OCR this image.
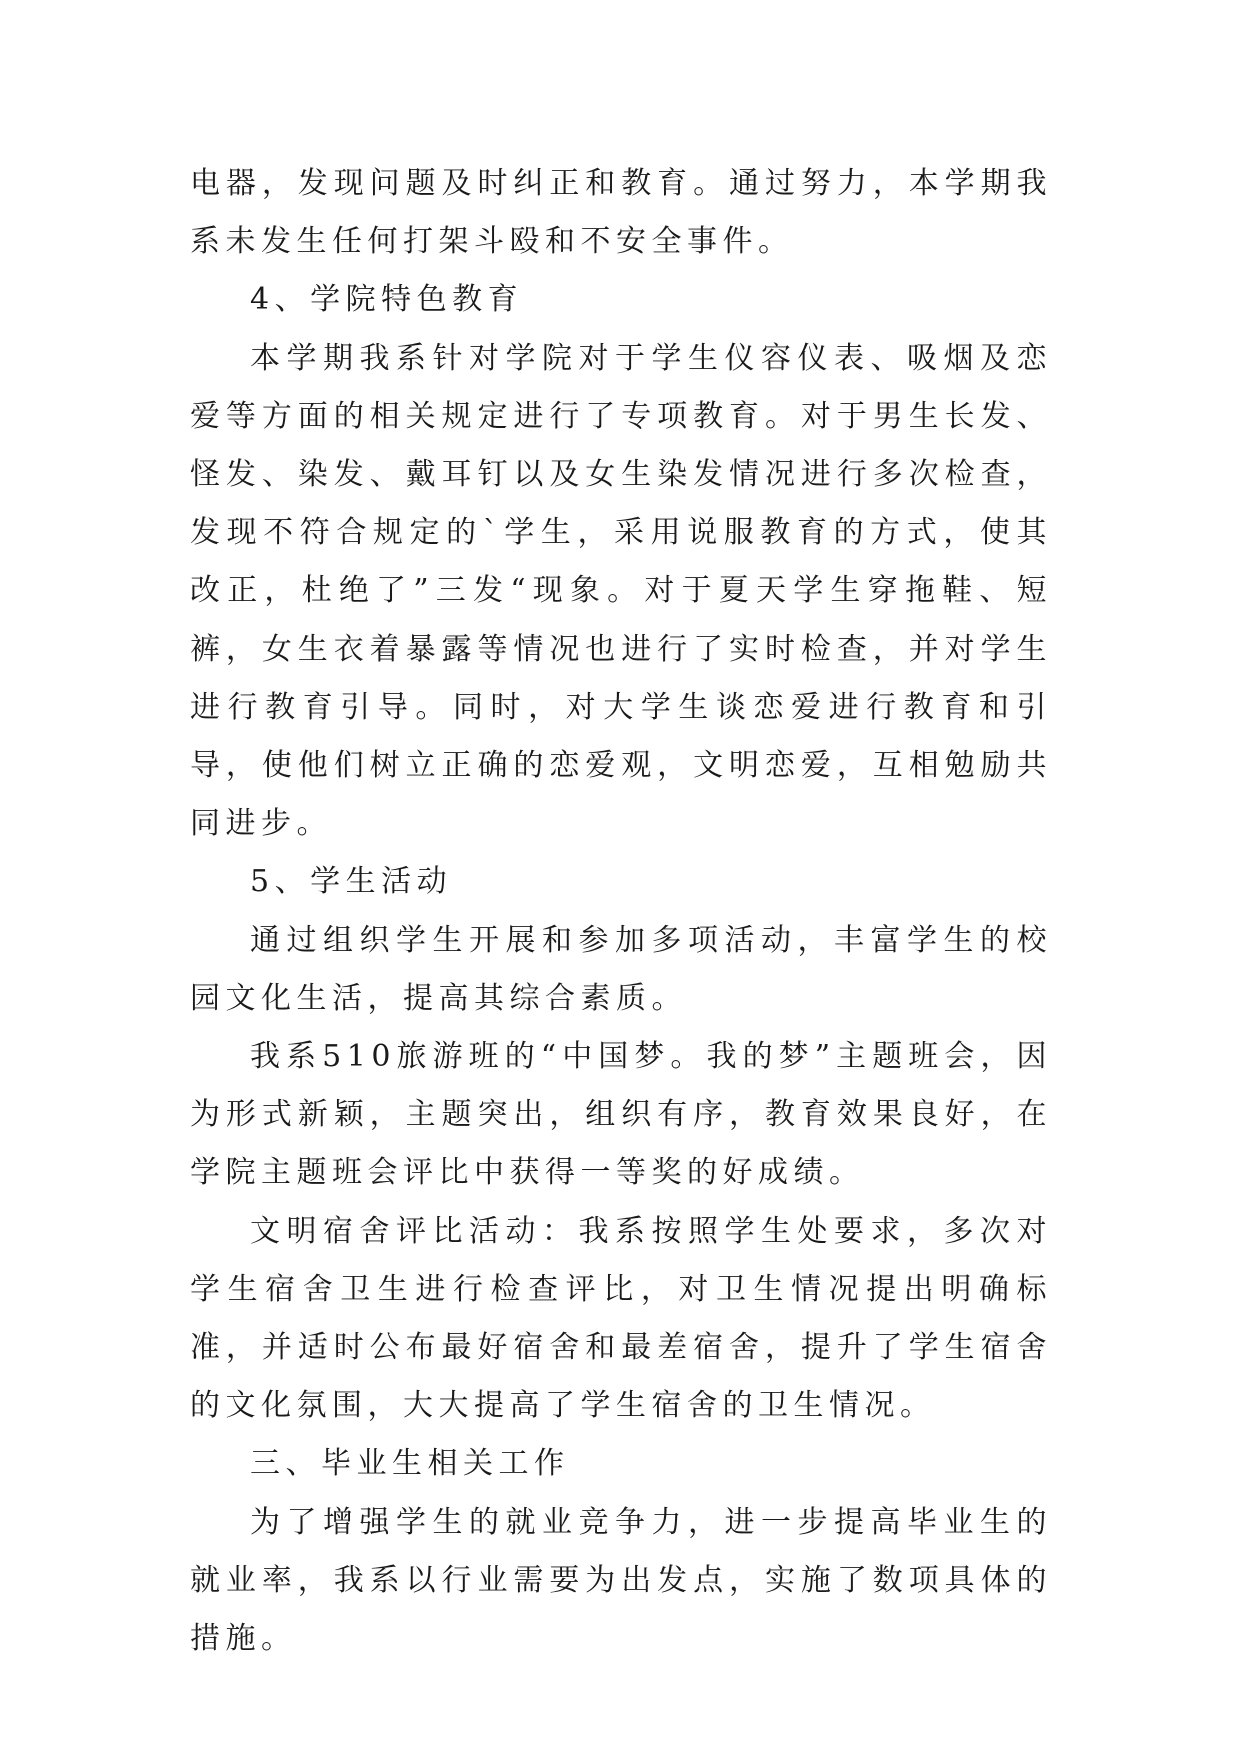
电器，发现问题及时纠正和教育。通过努力，本学期我系未发生任何打架斗殴和不安全事件。

4、学院特色教育

本学期我系针对学院对于学生仪容仪表、吸烟及恋爱等方面的相关规定进行了专项教育。对于男生长发、怪发、染发、戴耳钉以及女生染发情况进行多次检查，发现不符合规定的`学生，采用说服教育的方式，使其改正，杜绝了”三发“现象。对于夏天学生穿拖鞋、短裤，女生衣着暴露等情况也进行了实时检查，并对学生进行教育引导。同时，对大学生谈恋爱进行教育和引导，使他们树立正确的恋爱观，文明恋爱，互相勉励共同进步。

5、学生活动

通过组织学生开展和参加多项活动，丰富学生的校园文化生活，提高其综合素质。

我系510旅游班的“中国梦。我的梦”主题班会，因为形式新颖，主题突出，组织有序，教育效果良好，在学院主题班会评比中获得一等奖的好成绩。

文明宿舍评比活动：我系按照学生处要求，多次对学生宿舍卫生进行检查评比，对卫生情况提出明确标准，并适时公布最好宿舍和最差宿舍，提升了学生宿舍的文化氛围，大大提高了学生宿舍的卫生情况。

三、毕业生相关工作

为了增强学生的就业竞争力，进一步提高毕业生的就业率，我系以行业需要为出发点，实施了数项具体的措施。
